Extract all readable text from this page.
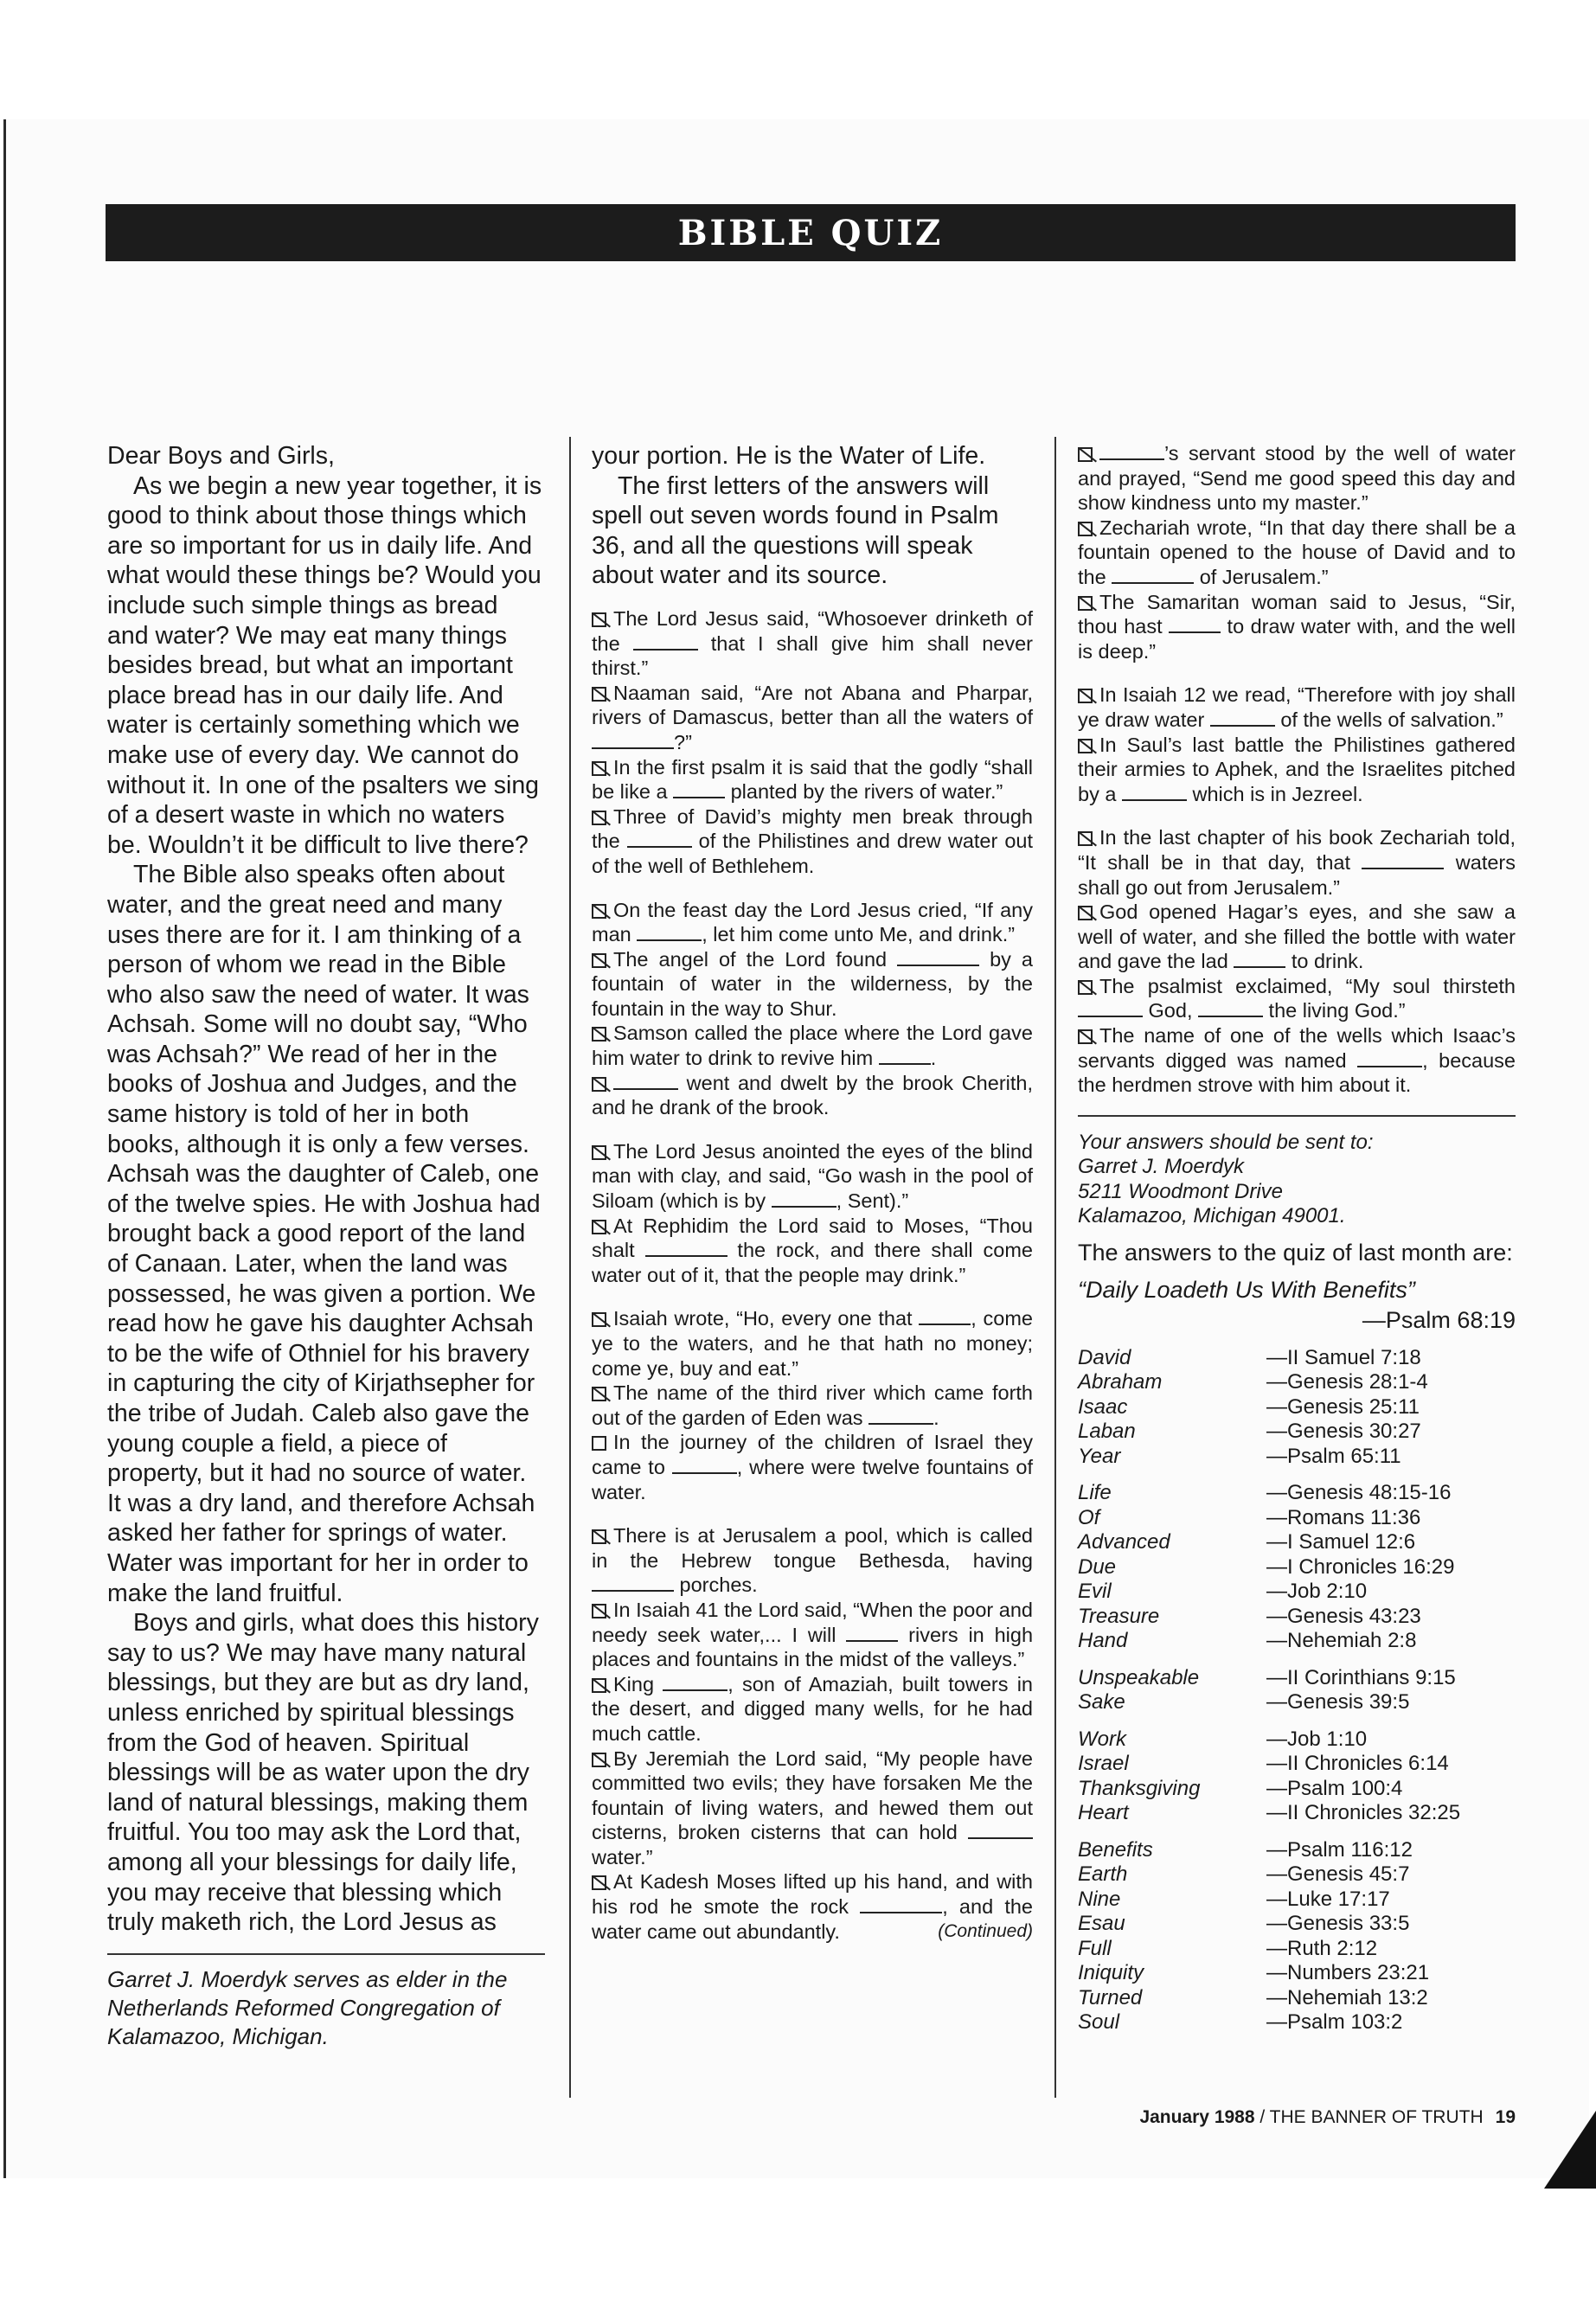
BIBLE QUIZ

Dear Boys and Girls,

As we begin a new year together, it is good to think about those things which are so important for us in daily life. And what would these things be? Would you include such simple things as bread and water? We may eat many things besides bread, but what an important place bread has in our daily life. And water is certainly something which we make use of every day. We cannot do without it. In one of the psalters we sing of a desert waste in which no waters be. Wouldn’t it be difficult to live there?

The Bible also speaks often about water, and the great need and many uses there are for it. I am thinking of a person of whom we read in the Bible who also saw the need of water. It was Achsah. Some will no doubt say, “Who was Achsah?” We read of her in the books of Joshua and Judges, and the same history is told of her in both books, although it is only a few verses. Achsah was the daughter of Caleb, one of the twelve spies. He with Joshua had brought back a good report of the land of Canaan. Later, when the land was possessed, he was given a portion. We read how he gave his daughter Achsah to be the wife of Othniel for his bravery in capturing the city of Kirjathsepher for the tribe of Judah. Caleb also gave the young couple a field, a piece of property, but it had no source of water. It was a dry land, and therefore Achsah asked her father for springs of water. Water was important for her in order to make the land fruitful.

Boys and girls, what does this history say to us? We may have many natural blessings, but they are but as dry land, unless enriched by spiritual blessings from the God of heaven. Spiritual blessings will be as water upon the dry land of natural blessings, making them fruitful. You too may ask the Lord that, among all your blessings for daily life, you may receive that blessing which truly maketh rich, the Lord Jesus as

Garret J. Moerdyk serves as elder in the Netherlands Reformed Congregation of Kalamazoo, Michigan.

your portion. He is the Water of Life.

The first letters of the answers will spell out seven words found in Psalm 36, and all the questions will speak about water and its source.

The Lord Jesus said, “Whosoever drinketh of the	that I shall give him shall never thirst.”

Naaman said, “Are not Abana and Pharpar, rivers of Damascus, better than all the waters of ?”

In the first psalm it is said that the godly “shall be like a	planted by the rivers of water.”

Three of David’s mighty men break through the	of the Philistines and drew water out of the well of Bethlehem.

On the feast day the Lord Jesus cried, “If any man	, let him come unto Me, and drink.”

The angel of the Lord found	by a fountain of water in the wilderness, by the fountain in the way to Shur.

Samson called the place where the Lord gave him water to drink to revive him	.

went and dwelt by the brook Cherith, and he drank of the brook.

The Lord Jesus anointed the eyes of the blind man with clay, and said, “Go wash in the pool of Siloam (which is by	, Sent).”

At Rephidim the Lord said to Moses, “Thou shalt	the rock, and there shall come water out of it, that the people may drink.”

Isaiah wrote, “Ho, every one that	, come ye to the waters, and he that hath no money; come ye, buy and eat.”

The name of the third river which came forth out of the garden of Eden was	.

In the journey of the children of Israel they came to	, where were twelve fountains of water.

There is at Jerusalem a pool, which is called in the Hebrew tongue Bethesda, having  porches.

In Isaiah 41 the Lord said, “When the poor and needy seek water,... I will	rivers in high places and fountains in the midst of the valleys.”

King	, son of Amaziah, built towers in the desert, and digged many wells, for he had much cattle.

By Jeremiah the Lord said, “My people have committed two evils; they have forsaken Me the fountain of living waters, and hewed them out cisterns, broken cisterns that can hold  water.”

At Kadesh Moses lifted up his hand, and with his rod he smote the rock	, and the water came out abundantly.	(Continued)

’s servant stood by the well of water and prayed, “Send me good speed this day and show kindness unto my master.”

Zechariah wrote, “In that day there shall be a fountain opened to the house of David and to the	of Jerusalem.”

The Samaritan woman said to Jesus, “Sir, thou hast	to draw water with, and the well is deep.”

In Isaiah 12 we read, “Therefore with joy shall ye draw water	of the wells of salvation.”

In Saul’s last battle the Philistines gathered their armies to Aphek, and the Israelites pitched by a	which is in Jezreel.

In the last chapter of his book Zechariah told, “It shall be in that day, that	waters shall go out from Jerusalem.”

God opened Hagar’s eyes, and she saw a well of water, and she filled the bottle with water and gave the lad	to drink.

The psalmist exclaimed, “My soul thirsteth  God,	the living God.”

The name of one of the wells which Isaac’s servants digged was named	, because the herdmen strove with him about it.

Your answers should be sent to:
Garret J. Moerdyk
5211 Woodmont Drive
Kalamazoo, Michigan 49001.
The answers to the quiz of last month are:
“Daily Loadeth Us With Benefits”
—Psalm 68:19
David	—II Samuel 7:18
Abraham	—Genesis 28:1-4
Isaac	—Genesis 25:11
Laban	—Genesis 30:27
Year	—Psalm 65:11
Life	—Genesis 48:15-16
Of	—Romans 11:36
Advanced	—I Samuel 12:6
Due	—I Chronicles 16:29
Evil	—Job 2:10
Treasure	—Genesis 43:23
Hand	—Nehemiah 2:8
Unspeakable	—II Corinthians 9:15
Sake	—Genesis 39:5
Work	—Job 1:10
Israel	—II Chronicles 6:14
Thanksgiving	—Psalm 100:4
Heart	—II Chronicles 32:25
Benefits	—Psalm 116:12
Earth	—Genesis 45:7
Nine	—Luke 17:17
Esau	—Genesis 33:5
Full	—Ruth 2:12
Iniquity	—Numbers 23:21
Turned	—Nehemiah 13:2
Soul	—Psalm 103:2
January 1988 / THE BANNER OF TRUTH 19
